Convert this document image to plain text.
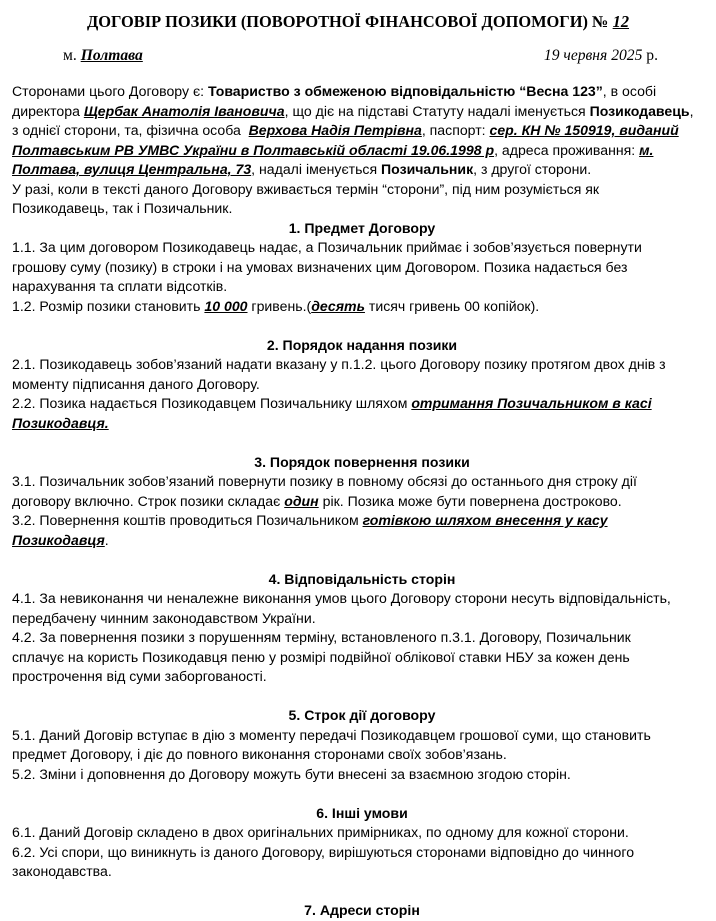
ДОГОВІР ПОЗИКИ (ПОВОРОТНОЇ ФІНАНСОВОЇ ДОПОМОГИ) № 12
м. Полтава	19 червня 2025 р.

Сторонами цього Договору є: Товариство з обмеженою відповідальністю “Весна 123”, в особі

директора Щербак Анатолія Івановича, що діє на підставі Статуту надалі іменується Позикодавець,

з однієї сторони, та, фізична особа  Верхова Надія Петрівна, паспорт: сер. КН № 150919, виданий

Полтавським РВ УМВС України в Полтавській області 19.06.1998 р, адреса проживання: м.

Полтава, вулиця Центральна, 73, надалі іменується Позичальник, з другої сторони.

У разі, коли в тексті даного Договору вживається термін “сторони”, під ним розуміється як

Позикодавець, так і Позичальник.

1. Предмет Договору

1.1. За цим договором Позикодавець надає, а Позичальник приймає і зобов’язується повернути

грошову суму (позику) в строки і на умовах визначених цим Договором. Позика надається без

нарахування та сплати відсотків.

1.2. Розмір позики становить 10 000 гривень.(десять тисяч гривень 00 копійок).

2. Порядок надання позики

2.1. Позикодавець зобов’язаний надати вказану у п.1.2. цього Договору позику протягом двох днів з

моменту підписання даного Договору.

2.2. Позика надається Позикодавцем Позичальнику шляхом отримання Позичальником в касі

Позикодавця.

3. Порядок повернення позики

3.1. Позичальник зобов’язаний повернути позику в повному обсязі до останнього дня строку дії

договору включно. Строк позики складає один рік. Позика може бути повернена достроково.

3.2. Повернення коштів проводиться Позичальником готівкою шляхом внесення у касу

Позикодавця.

4. Відповідальність сторін

4.1. За невиконання чи неналежне виконання умов цього Договору сторони несуть відповідальність,

передбачену чинним законодавством України.

4.2. За повернення позики з порушенням терміну, встановленого п.3.1. Договору, Позичальник

сплачує на користь Позикодавця пеню у розмірі подвійної облікової ставки НБУ за кожен день

прострочення від суми заборгованості.

5. Строк дії договору

5.1. Даний Договір вступає в дію з моменту передачі Позикодавцем грошової суми, що становить

предмет Договору, і діє до повного виконання сторонами своїх зобов’язань.

5.2. Зміни і доповнення до Договору можуть бути внесені за взаємною згодою сторін.

6. Інші умови

6.1. Даний Договір складено в двох оригінальних примірниках, по одному для кожної сторони.

6.2. Усі спори, що виникнуть із даного Договору, вирішуються сторонами відповідно до чинного

законодавства.

7. Адреси сторін
